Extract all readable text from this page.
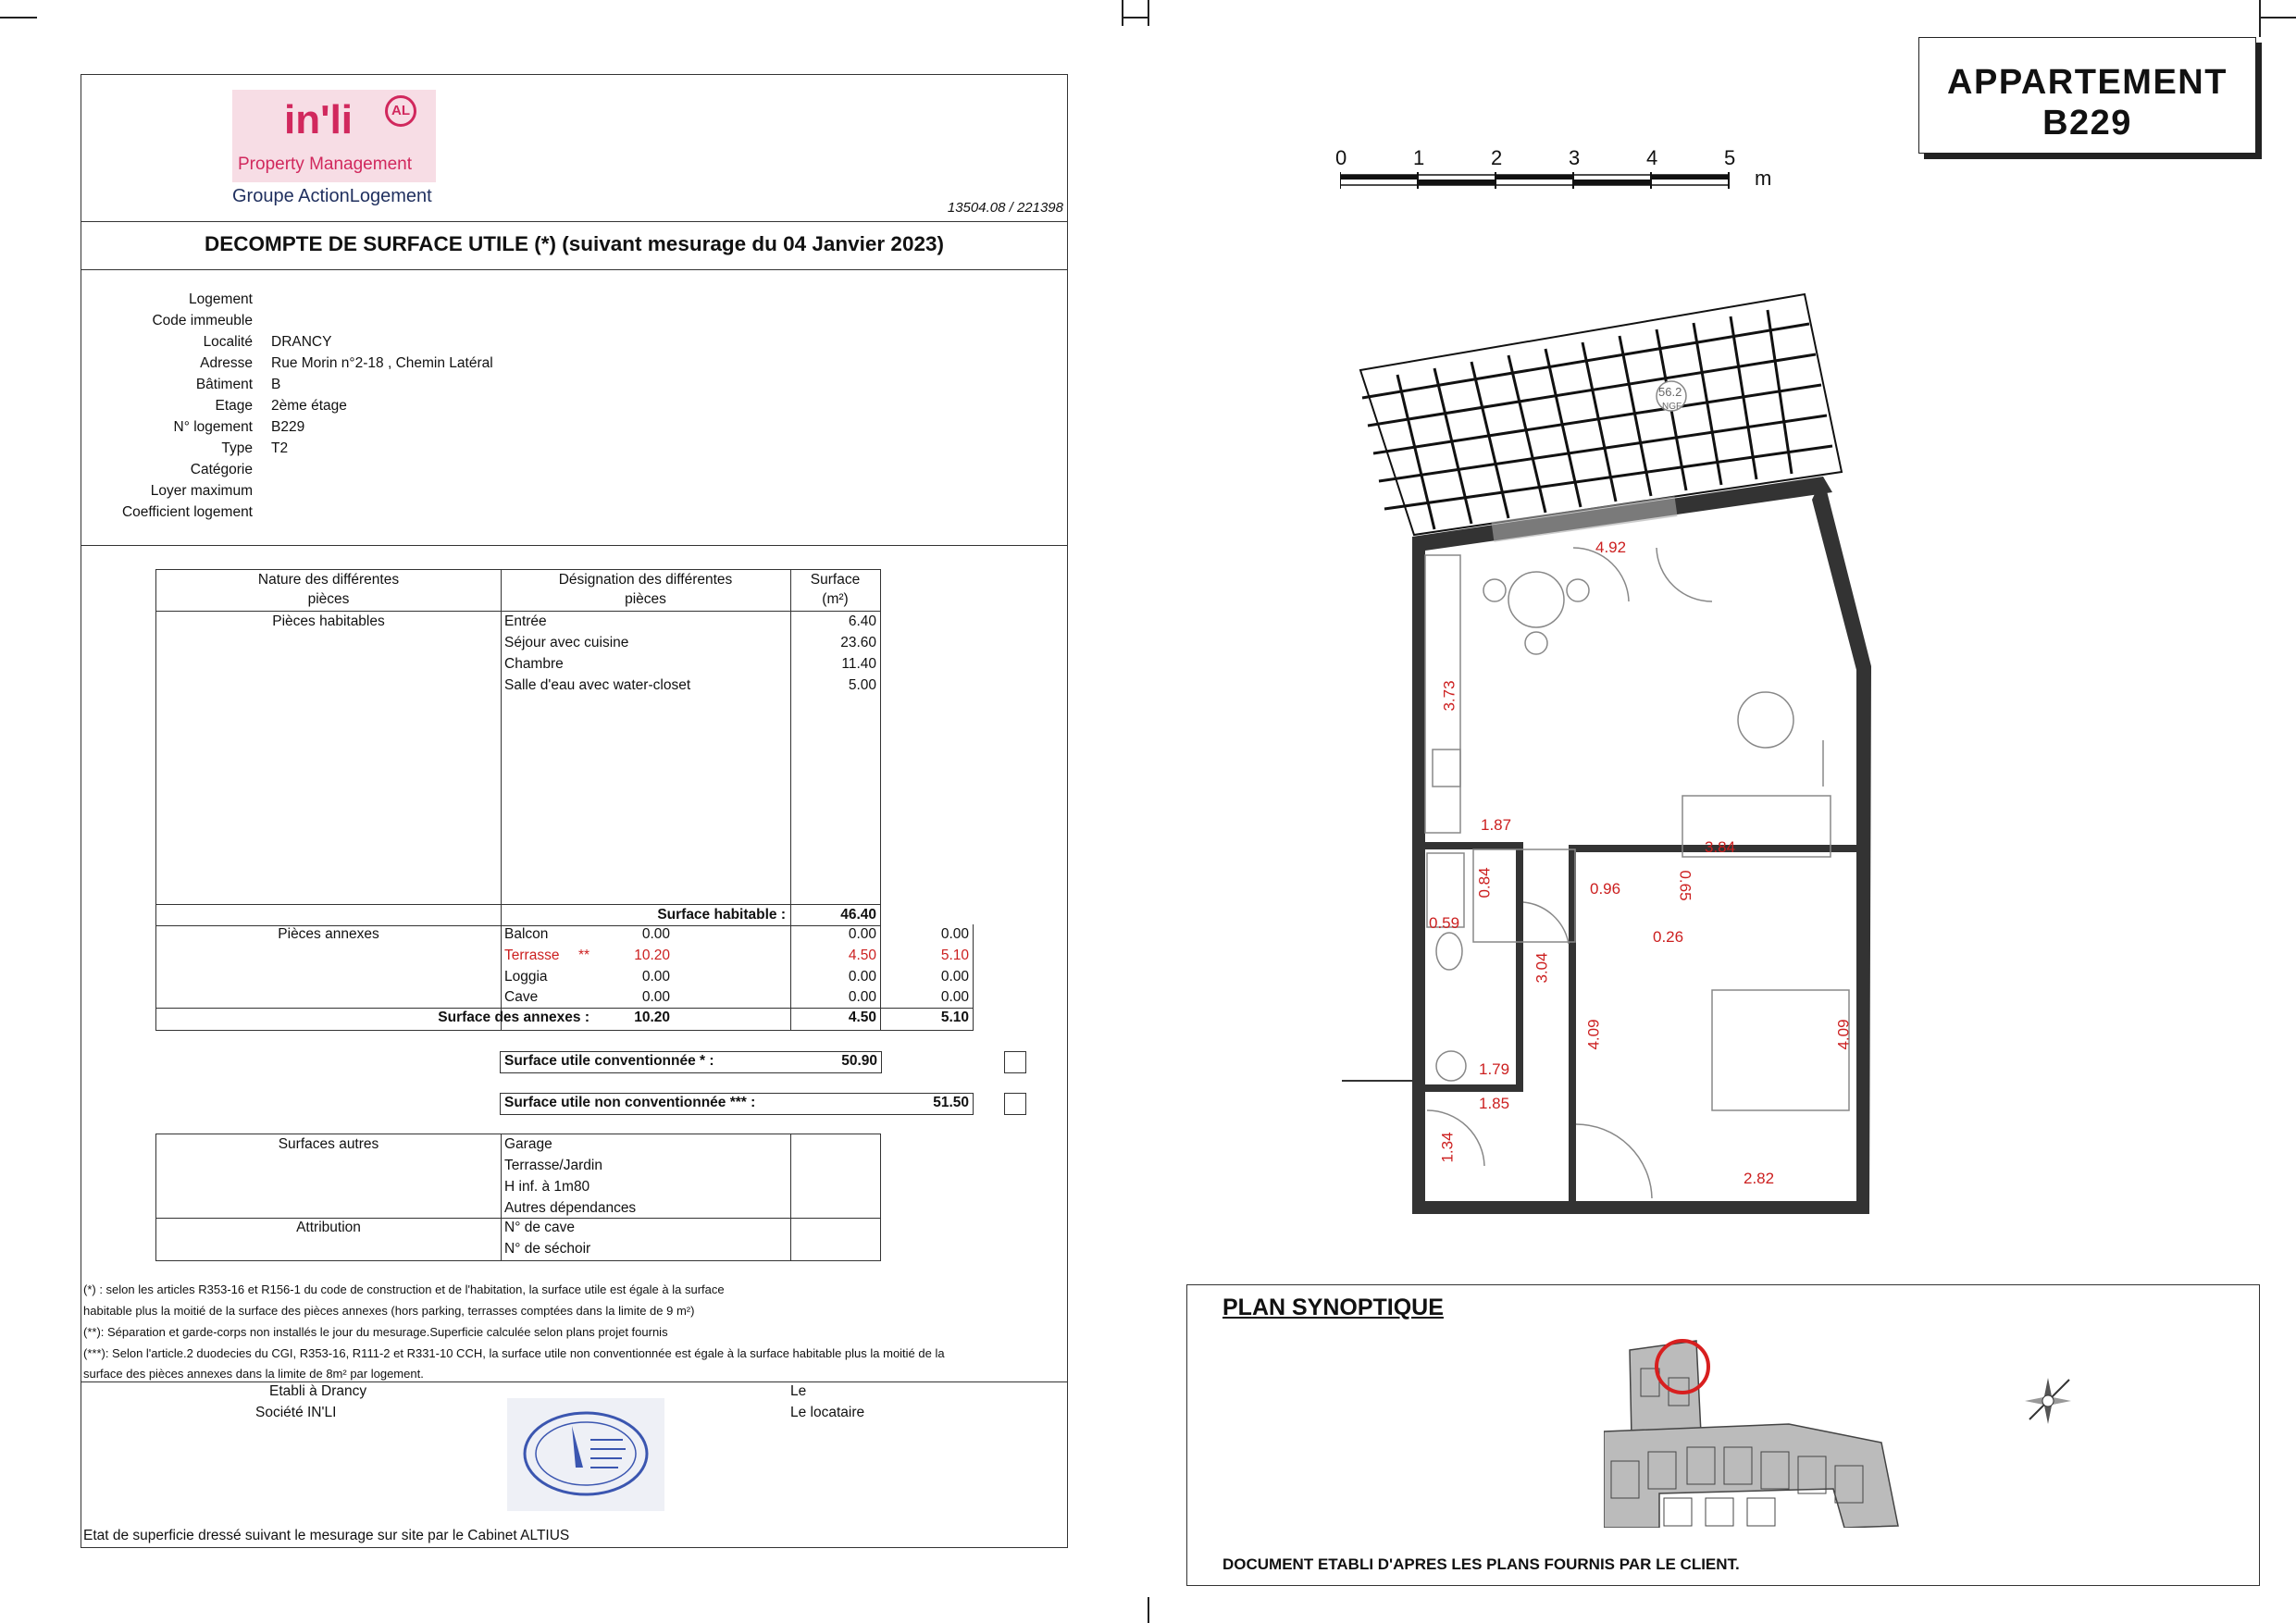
in'li	AL
Property Management
Groupe ActionLogement
13504.08 / 221398
DECOMPTE DE SURFACE UTILE (*) (suivant mesurage du 04 Janvier 2023)
Logement
Code immeuble
Localité DRANCY
Adresse Rue Morin n°2-18 , Chemin Latéral
Bâtiment B
Etage 2ème étage
N° logement B229
Type T2
Catégorie
Loyer maximum
Coefficient logement
Nature des différentes
pièces
Désignation des différentes
pièces
Surface
(m²)
Pièces habitables	Entrée	6.40
Séjour avec cuisine	23.60
Chambre	11.40
Salle d'eau avec water-closet	5.00
Surface habitable :	46.40
Pièces annexes	Balcon	0.00	0.00	0.00
Terrasse **	10.20	4.50	5.10
Loggia	0.00	0.00	0.00
Cave	0.00	0.00	0.00
Surface des annexes :	10.20	4.50	5.10
Surface utile conventionnée * :	50.90
Surface utile non conventionnée *** :	51.50
Surfaces autres	Garage
Terrasse/Jardin
H inf. à 1m80
Autres dépendances
Attribution	N° de cave
N° de séchoir
(*) : selon les articles R353-16 et R156-1 du code de construction et de l'habitation, la surface utile est égale à la surface
habitable plus la moitié de la surface des pièces annexes (hors parking, terrasses comptées dans la limite de 9 m²)
(**): Séparation et garde-corps non installés le jour du mesurage.Superficie calculée selon plans projet fournis
(***): Selon l'article.2 duodecies du CGI, R353-16, R111-2 et R331-10 CCH, la surface utile non conventionnée est égale à la surface habitable plus la moitié de la
surface des pièces annexes dans la limite de 8m² par logement.
Etabli à Drancy
Société IN'LI
Le
Le locataire
Etat de superficie dressé suivant le mesurage sur site par le Cabinet ALTIUS
APPARTEMENT
B229
0	1	2	3	4	5
m
4.92
3.73
1.87
3.84
0.84
0.59
0.96	0.65
0.26
3.04
4.09	4.09
1.79
1.85
1.34
2.82
56.2
NGF
PLAN SYNOPTIQUE
DOCUMENT ETABLI D'APRES LES PLANS FOURNIS PAR LE CLIENT.
